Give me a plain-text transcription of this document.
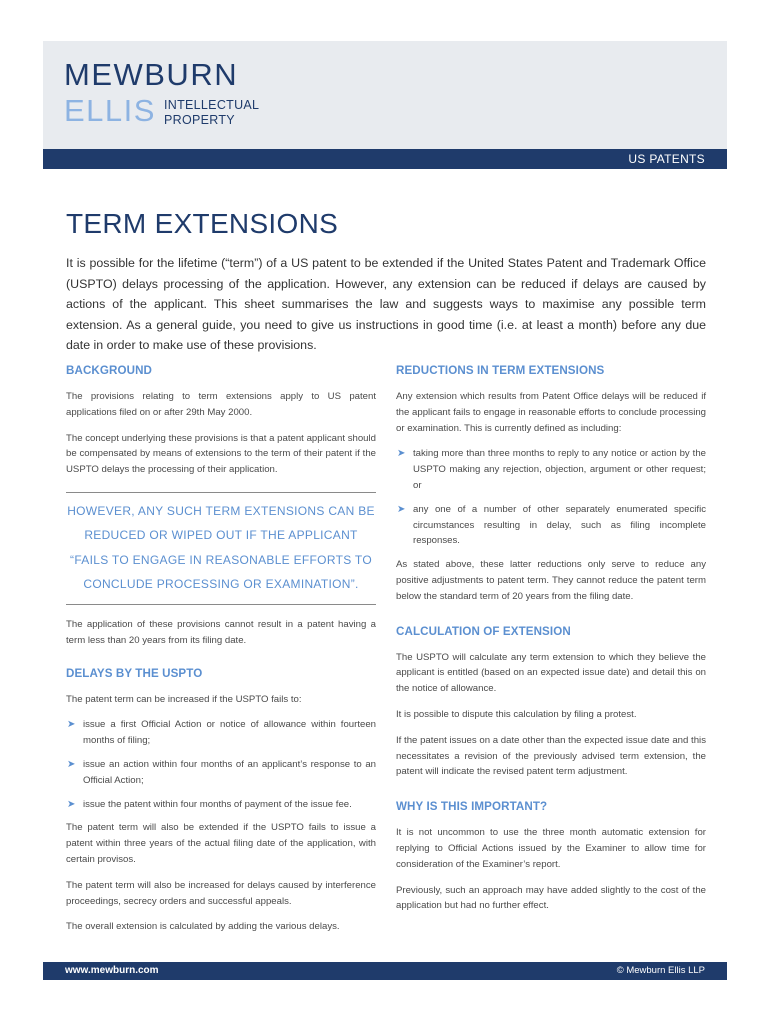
MEWBURN
ELLIS INTELLECTUAL
PROPERTY
US PATENTS
TERM EXTENSIONS

It is possible for the lifetime (“term”) of a US patent to be extended if the United States Patent and Trademark Office (USPTO) delays processing of the application. However, any extension can be reduced if delays are caused by actions of the applicant. This sheet summarises the law and suggests ways to maximise any possible term extension. As a general guide, you need to give us instructions in good time (i.e. at least a month) before any due date in order to make use of these provisions.

BACKGROUND

The provisions relating to term extensions apply to US patent applications filed on or after 29th May 2000.

The concept underlying these provisions is that a patent applicant should be compensated by means of extensions to the term of their patent if the USPTO delays the processing of their application.

HOWEVER, ANY SUCH TERM EXTENSIONS CAN BE REDUCED OR WIPED OUT IF THE APPLICANT “FAILS TO ENGAGE IN REASONABLE EFFORTS TO CONCLUDE PROCESSING OR EXAMINATION”.

The application of these provisions cannot result in a patent having a term less than 20 years from its filing date.

DELAYS BY THE USPTO

The patent term can be increased if the USPTO fails to:

➤ issue a first Official Action or notice of allowance within fourteen months of filing;
➤ issue an action within four months of an applicant’s response to an Official Action;
➤ issue the patent within four months of payment of the issue fee.

The patent term will also be extended if the USPTO fails to issue a patent within three years of the actual filing date of the application, with certain provisos.

The patent term will also be increased for delays caused by interference proceedings, secrecy orders and successful appeals.

The overall extension is calculated by adding the various delays.

REDUCTIONS IN TERM EXTENSIONS

Any extension which results from Patent Office delays will be reduced if the applicant fails to engage in reasonable efforts to conclude processing or examination. This is currently defined as including:

➤ taking more than three months to reply to any notice or action by the USPTO making any rejection, objection, argument or other request; or
➤ any one of a number of other separately enumerated specific circumstances resulting in delay, such as filing incomplete responses.

As stated above, these latter reductions only serve to reduce any positive adjustments to patent term. They cannot reduce the patent term below the standard term of 20 years from the filing date.

CALCULATION OF EXTENSION

The USPTO will calculate any term extension to which they believe the applicant is entitled (based on an expected issue date) and detail this on the notice of allowance.

It is possible to dispute this calculation by filing a protest.

If the patent issues on a date other than the expected issue date and this necessitates a revision of the previously advised term extension, the patent will indicate the revised patent term adjustment.

WHY IS THIS IMPORTANT?

It is not uncommon to use the three month automatic extension for replying to Official Actions issued by the Examiner to allow time for consideration of the Examiner’s report.

Previously, such an approach may have added slightly to the cost of the application but had no further effect.

www.mewburn.com	© Mewburn Ellis LLP
